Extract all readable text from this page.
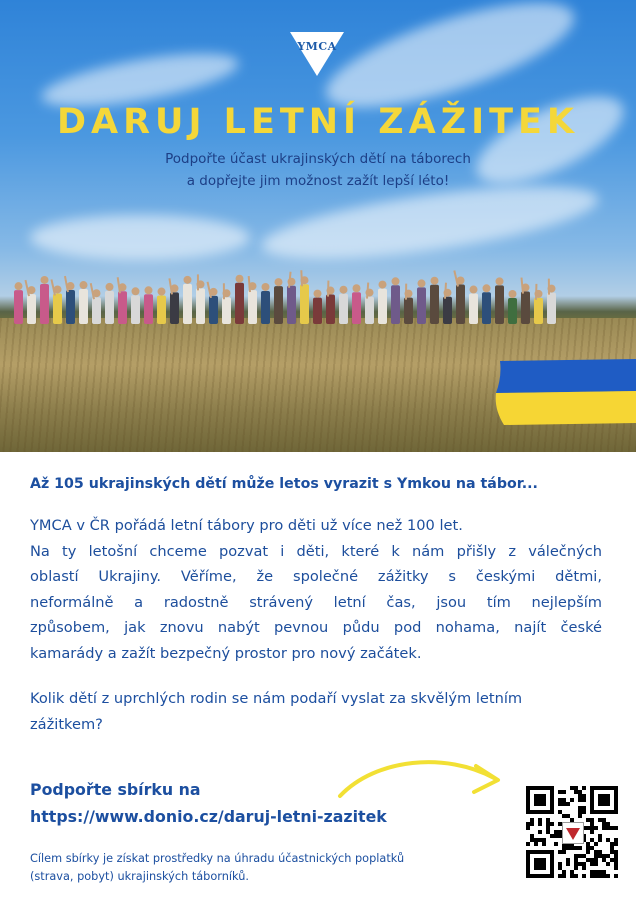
YMCA
DARUJ LETNÍ ZÁŽITEK
Podpořte účast ukrajinských dětí na táborech
a dopřejte jim možnost zažít lepší léto!
Až 105 ukrajinských dětí může letos vyrazit s Ymkou na tábor...
YMCA v ČR pořádá letní tábory pro děti už více než 100 let.
Na ty letošní chceme pozvat i děti, které k nám přišly z válečných
oblastí Ukrajiny. Věříme, že společné zážitky s českými dětmi,
neformálně a radostně strávený letní čas, jsou tím nejlepším
způsobem, jak znovu nabýt pevnou půdu pod nohama, najít české
kamarády a zažít bezpečný prostor pro nový začátek.
Kolik dětí z uprchlých rodin se nám podaří vyslat za skvělým letním
zážitkem?
Podpořte sbírku na
https://www.donio.cz/daruj-letni-zazitek
Cílem sbírky je získat prostředky na úhradu účastnických poplatků
(strava, pobyt) ukrajinských táborníků.
